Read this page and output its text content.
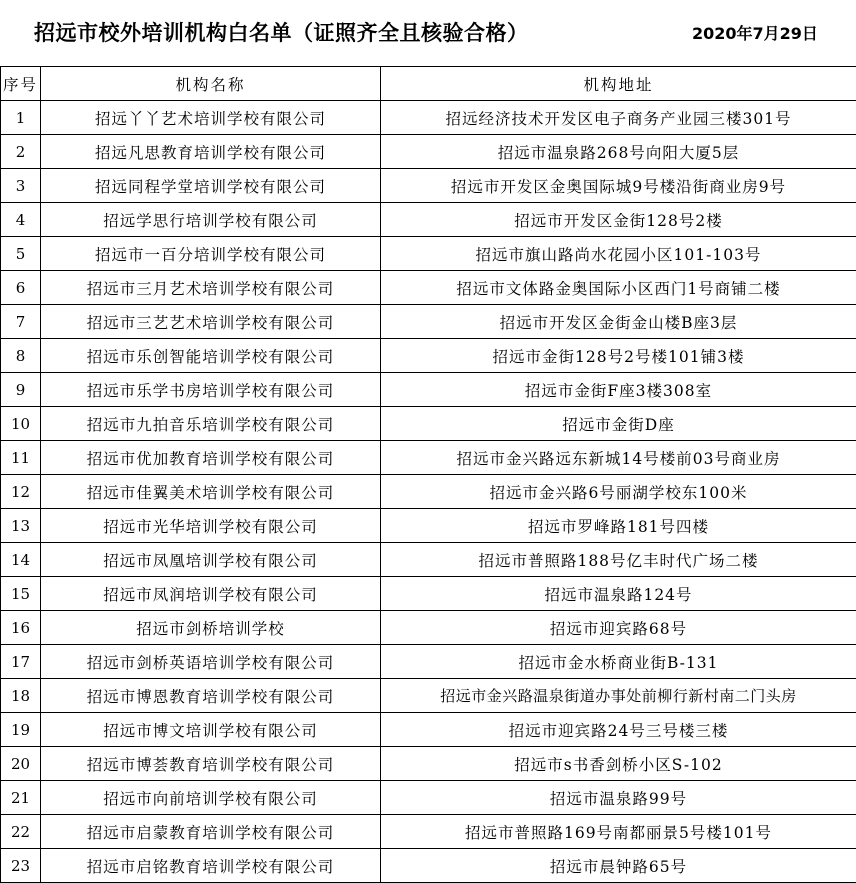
招远市校外培训机构白名单（证照齐全且核验合格）	2020年7月29日
序号	机构名称	机构地址
1	招远丫丫艺术培训学校有限公司	招远经济技术开发区电子商务产业园三楼301号
2	招远凡思教育培训学校有限公司	招远市温泉路268号向阳大厦5层
3	招远同程学堂培训学校有限公司	招远市开发区金奥国际城9号楼沿街商业房9号
4	招远学思行培训学校有限公司	招远市开发区金街128号2楼
5	招远市一百分培训学校有限公司	招远市旗山路尚水花园小区101-103号
6	招远市三月艺术培训学校有限公司	招远市文体路金奥国际小区西门1号商铺二楼
7	招远市三艺艺术培训学校有限公司	招远市开发区金街金山楼B座3层
8	招远市乐创智能培训学校有限公司	招远市金街128号2号楼101铺3楼
9	招远市乐学书房培训学校有限公司	招远市金街F座3楼308室
10	招远市九拍音乐培训学校有限公司	招远市金街D座
11	招远市优加教育培训学校有限公司	招远市金兴路远东新城14号楼前03号商业房
12	招远市佳翼美术培训学校有限公司	招远市金兴路6号丽湖学校东100米
13	招远市光华培训学校有限公司	招远市罗峰路181号四楼
14	招远市凤凰培训学校有限公司	招远市普照路188号亿丰时代广场二楼
15	招远市凤润培训学校有限公司	招远市温泉路124号
16	招远市剑桥培训学校	招远市迎宾路68号
17	招远市剑桥英语培训学校有限公司	招远市金水桥商业街B-131
18	招远市博恩教育培训学校有限公司	招远市金兴路温泉街道办事处前柳行新村南二门头房
19	招远市博文培训学校有限公司	招远市迎宾路24号三号楼三楼
20	招远市博荟教育培训学校有限公司	招远市s书香剑桥小区S-102
21	招远市向前培训学校有限公司	招远市温泉路99号
22	招远市启蒙教育培训学校有限公司	招远市普照路169号南都丽景5号楼101号
23	招远市启铭教育培训学校有限公司	招远市晨钟路65号
